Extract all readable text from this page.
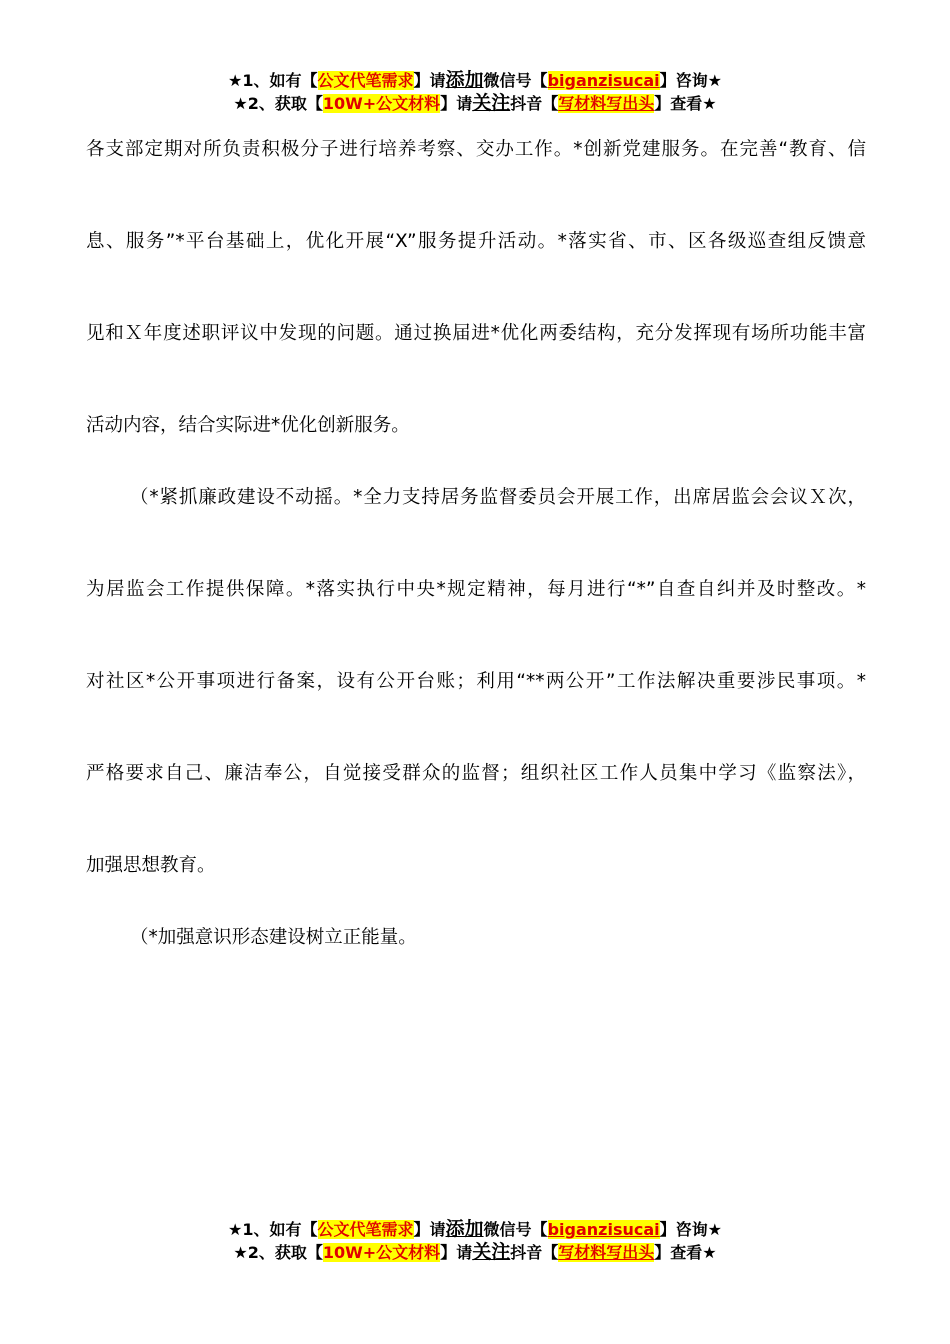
★1、如有【公文代笔需求】请添加微信号【biganzisucai】咨询★
★2、获取【10W+公文材料】请关注抖音【写材料写出头】查看★
各支部定期对所负责积极分子进行培养考察、交办工作。*创新党建服务。在完善“教育、信
息、服务”*平台基础上，优化开展“X”服务提升活动。*落实省、市、区各级巡查组反馈意
见和Ｘ年度述职评议中发现的问题。通过换届进*优化两委结构，充分发挥现有场所功能丰富
活动内容，结合实际进*优化创新服务。
（*紧抓廉政建设不动摇。*全力支持居务监督委员会开展工作，出席居监会会议Ｘ次，
为居监会工作提供保障。*落实执行中央*规定精神，每月进行“*”自查自纠并及时整改。*
对社区*公开事项进行备案，设有公开台账；利用“**两公开”工作法解决重要涉民事项。*
严格要求自己、廉洁奉公，自觉接受群众的监督；组织社区工作人员集中学习《监察法》，
加强思想教育。
（*加强意识形态建设树立正能量。
★1、如有【公文代笔需求】请添加微信号【biganzisucai】咨询★
★2、获取【10W+公文材料】请关注抖音【写材料写出头】查看★
